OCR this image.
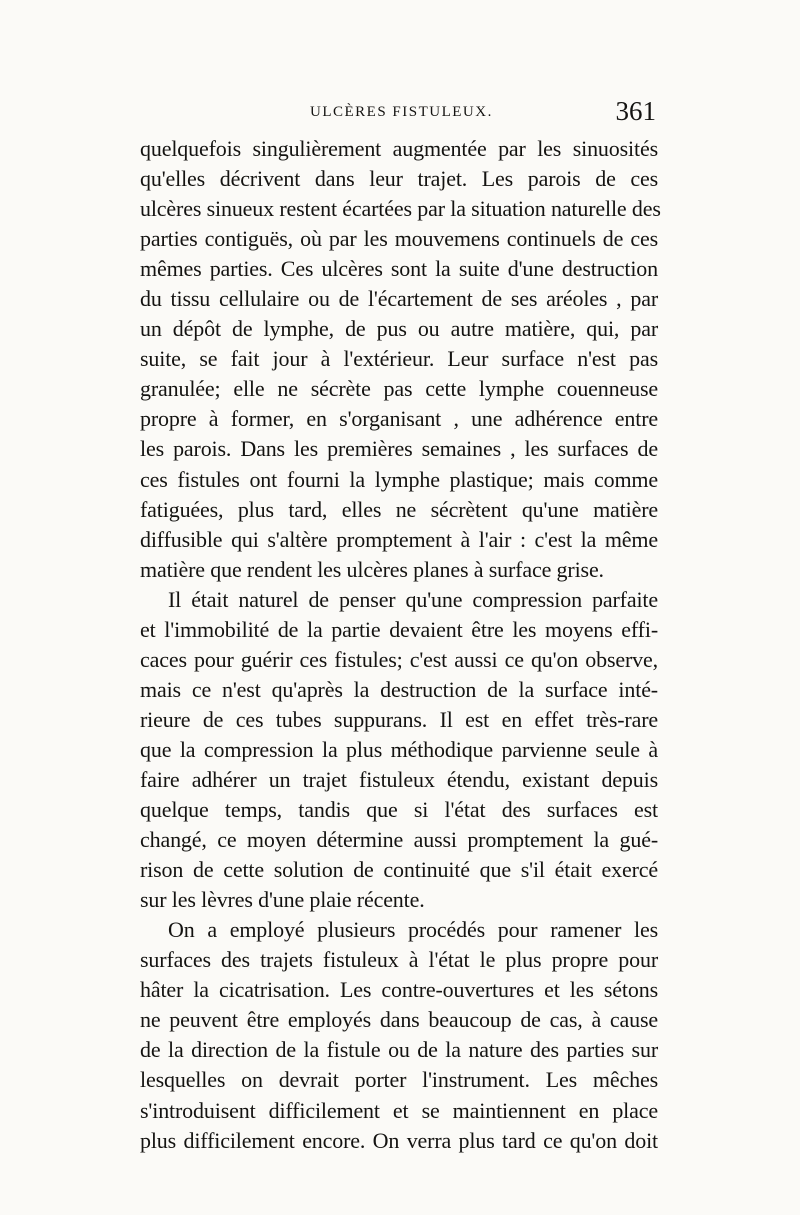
ULCÈRES FISTULEUX.	361
quelquefois singulièrement augmentée par les sinuosités
qu'elles décrivent dans leur trajet. Les parois de ces
ulcères sinueux restent écartées par la situation naturelle des
parties contiguës, où par les mouvemens continuels de ces
mêmes parties. Ces ulcères sont la suite d'une destruction
du tissu cellulaire ou de l'écartement de ses aréoles , par
un dépôt de lymphe, de pus ou autre matière, qui, par
suite, se fait jour à l'extérieur. Leur surface n'est pas
granulée; elle ne sécrète pas cette lymphe couenneuse
propre à former, en s'organisant , une adhérence entre
les parois. Dans les premières semaines , les surfaces de
ces fistules ont fourni la lymphe plastique; mais comme
fatiguées, plus tard, elles ne sécrètent qu'une matière
diffusible qui s'altère promptement à l'air : c'est la même
matière que rendent les ulcères planes à surface grise.
Il était naturel de penser qu'une compression parfaite
et l'immobilité de la partie devaient être les moyens effi-
caces pour guérir ces fistules; c'est aussi ce qu'on observe,
mais ce n'est qu'après la destruction de la surface inté-
rieure de ces tubes suppurans. Il est en effet très-rare
que la compression la plus méthodique parvienne seule à
faire adhérer un trajet fistuleux étendu, existant depuis
quelque temps, tandis que si l'état des surfaces est
changé, ce moyen détermine aussi promptement la gué-
rison de cette solution de continuité que s'il était exercé
sur les lèvres d'une plaie récente.
On a employé plusieurs procédés pour ramener les
surfaces des trajets fistuleux à l'état le plus propre pour
hâter la cicatrisation. Les contre-ouvertures et les sétons
ne peuvent être employés dans beaucoup de cas, à cause
de la direction de la fistule ou de la nature des parties sur
lesquelles on devrait porter l'instrument. Les mêches
s'introduisent difficilement et se maintiennent en place
plus difficilement encore. On verra plus tard ce qu'on doit
